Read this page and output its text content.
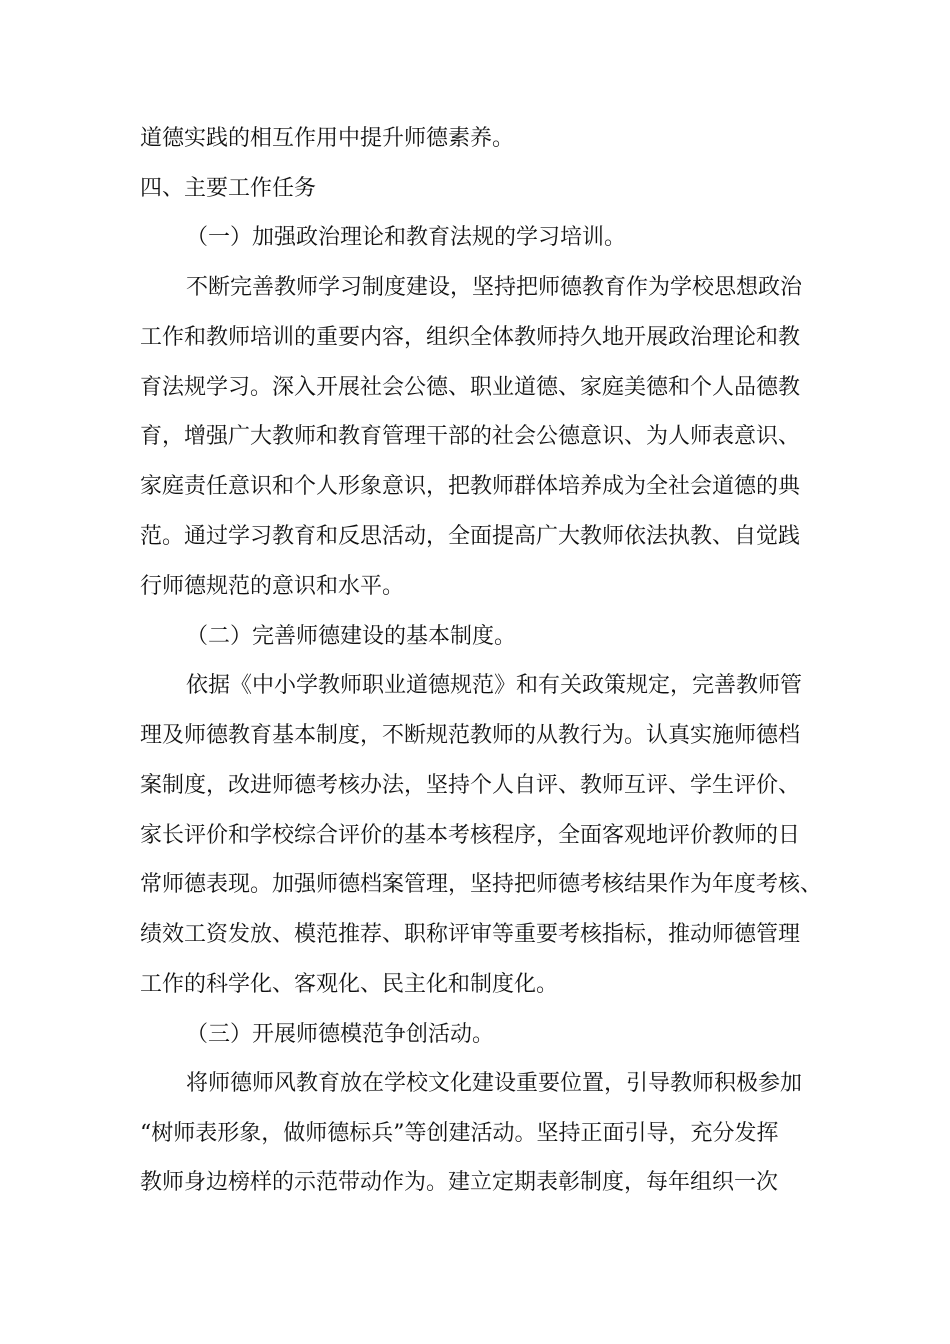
道德实践的相互作用中提升师德素养。
四、主要工作任务
（一）加强政治理论和教育法规的学习培训。
不断完善教师学习制度建设，坚持把师德教育作为学校思想政治
工作和教师培训的重要内容，组织全体教师持久地开展政治理论和教
育法规学习。深入开展社会公德、职业道德、家庭美德和个人品德教
育，增强广大教师和教育管理干部的社会公德意识、为人师表意识、
家庭责任意识和个人形象意识，把教师群体培养成为全社会道德的典
范。通过学习教育和反思活动，全面提高广大教师依法执教、自觉践
行师德规范的意识和水平。
（二）完善师德建设的基本制度。
依据《中小学教师职业道德规范》和有关政策规定，完善教师管
理及师德教育基本制度，不断规范教师的从教行为。认真实施师德档
案制度，改进师德考核办法，坚持个人自评、教师互评、学生评价、
家长评价和学校综合评价的基本考核程序，全面客观地评价教师的日
常师德表现。加强师德档案管理，坚持把师德考核结果作为年度考核、
绩效工资发放、模范推荐、职称评审等重要考核指标，推动师德管理
工作的科学化、客观化、民主化和制度化。
（三）开展师德模范争创活动。
将师德师风教育放在学校文化建设重要位置，引导教师积极参加
“树师表形象，做师德标兵”等创建活动。坚持正面引导，充分发挥
教师身边榜样的示范带动作为。建立定期表彰制度，每年组织一次
